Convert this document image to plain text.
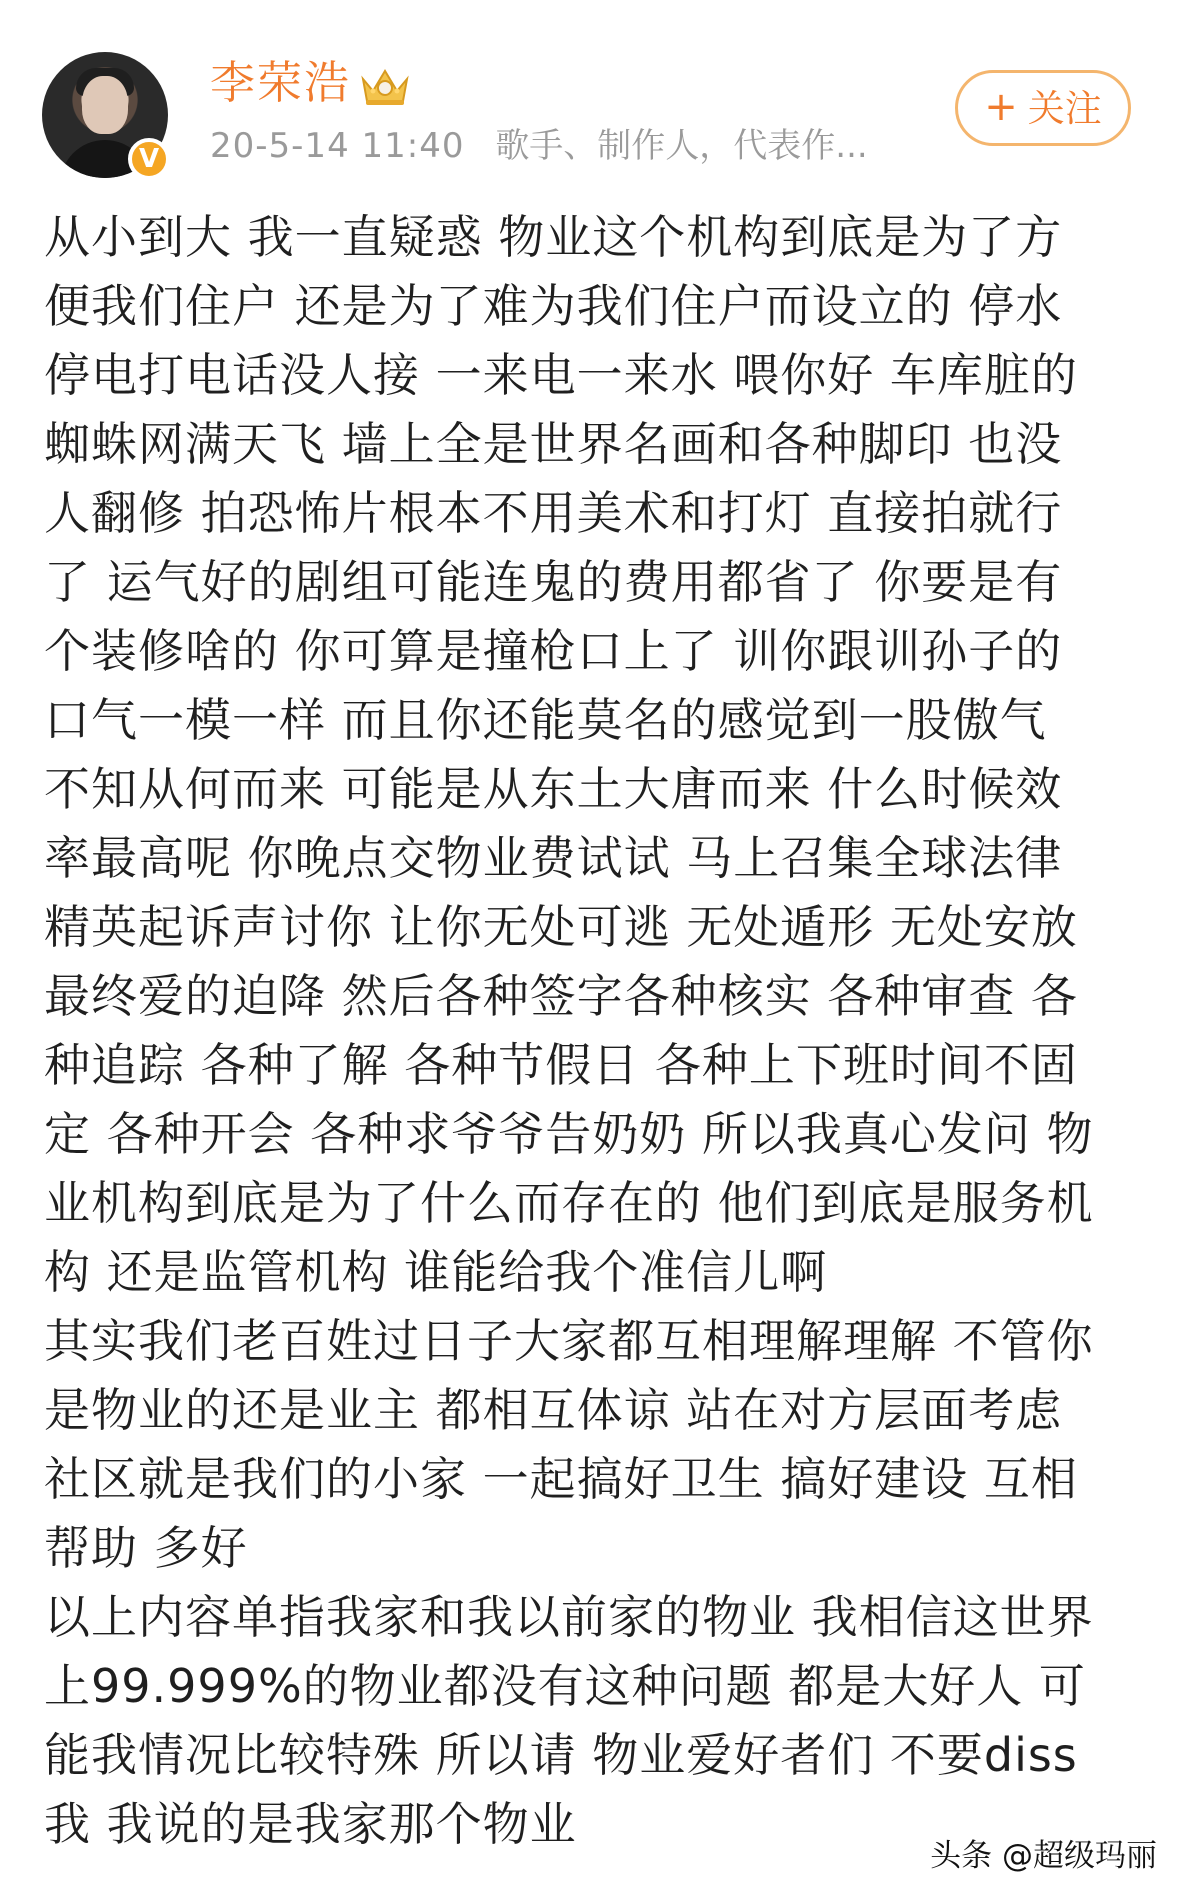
V
李荣浩
20-5-14 11:40 歌手、制作人，代表作...
+ 关注
从小到大 我一直疑惑 物业这个机构到底是为了方
便我们住户 还是为了难为我们住户而设立的 停水
停电打电话没人接 一来电一来水 喂你好 车库脏的
蜘蛛网满天飞 墙上全是世界名画和各种脚印 也没
人翻修 拍恐怖片根本不用美术和打灯 直接拍就行
了 运气好的剧组可能连鬼的费用都省了 你要是有
个装修啥的 你可算是撞枪口上了 训你跟训孙子的
口气一模一样 而且你还能莫名的感觉到一股傲气
不知从何而来 可能是从东土大唐而来 什么时候效
率最高呢 你晚点交物业费试试 马上召集全球法律
精英起诉声讨你 让你无处可逃 无处遁形 无处安放
最终爱的迫降 然后各种签字各种核实 各种审查 各
种追踪 各种了解 各种节假日 各种上下班时间不固
定 各种开会 各种求爷爷告奶奶 所以我真心发问 物
业机构到底是为了什么而存在的 他们到底是服务机
构 还是监管机构 谁能给我个准信儿啊
其实我们老百姓过日子大家都互相理解理解 不管你
是物业的还是业主 都相互体谅 站在对方层面考虑
社区就是我们的小家 一起搞好卫生 搞好建设 互相
帮助 多好
以上内容单指我家和我以前家的物业 我相信这世界
上99.999%的物业都没有这种问题 都是大好人 可
能我情况比较特殊 所以请 物业爱好者们 不要diss
我 我说的是我家那个物业
头条 @超级玛丽
